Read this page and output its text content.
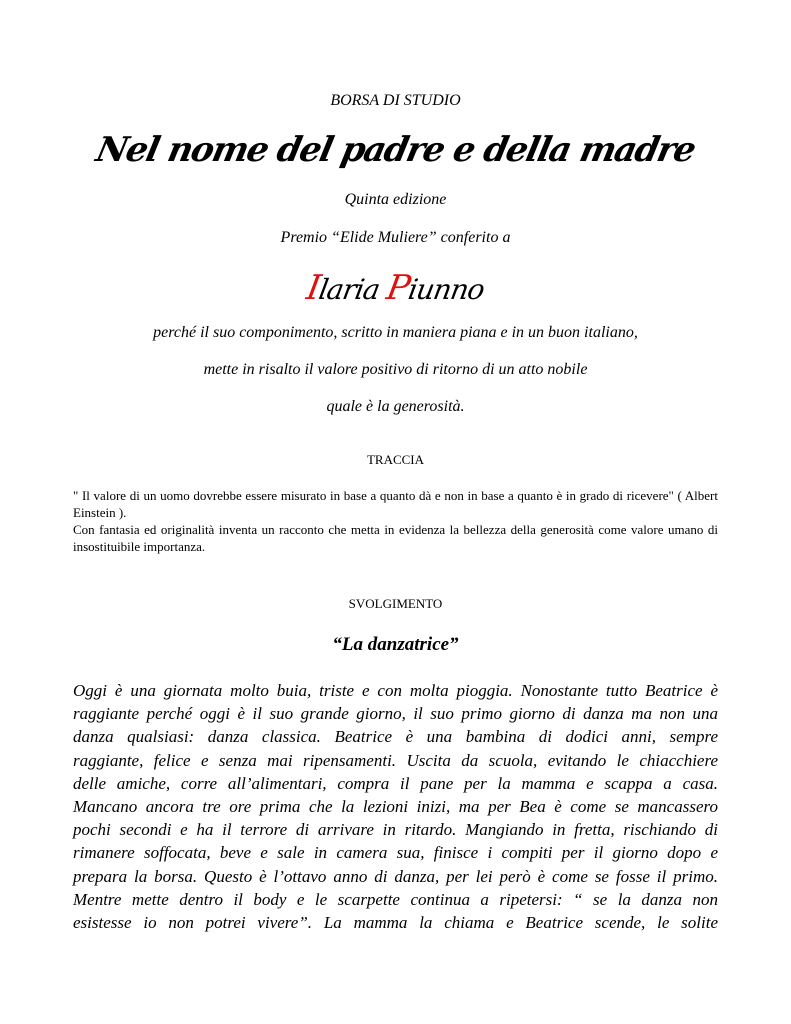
BORSA DI STUDIO
Nel nome del padre e della madre
Quinta edizione
Premio “Elide Muliere” conferito a
Ilaria Piunno
perché il suo componimento, scritto in maniera piana e in un buon italiano,
mette in risalto il valore positivo di ritorno di un atto nobile
quale è la generosità.
TRACCIA

" Il valore di un uomo dovrebbe essere misurato in base a quanto dà e non in base a quanto è in grado di ricevere" ( Albert Einstein ).

Con fantasia ed originalità inventa un racconto che metta in evidenza la bellezza della generosità come valore umano di insostituibile importanza.

SVOLGIMENTO
“La danzatrice”
Oggi è una giornata molto buia, triste e con molta pioggia. Nonostante tutto Beatrice è
raggiante perché oggi è il suo grande giorno, il suo primo giorno di danza ma non una
danza qualsiasi: danza classica. Beatrice è una bambina di dodici anni, sempre
raggiante, felice e senza mai ripensamenti. Uscita da scuola, evitando le chiacchiere
delle amiche, corre all’alimentari, compra il pane per la mamma e scappa a casa.
Mancano ancora tre ore prima che la lezioni inizi, ma per Bea è come se mancassero
pochi secondi e ha il terrore di arrivare in ritardo. Mangiando in fretta, rischiando di
rimanere soffocata, beve e sale in camera sua, finisce i compiti per il giorno dopo e
prepara la borsa. Questo è l’ottavo anno di danza, per lei però è come se fosse il primo.
Mentre mette dentro il body e le scarpette continua a ripetersi: “ se la danza non
esistesse io non potrei vivere”. La mamma la chiama e Beatrice scende, le solite
